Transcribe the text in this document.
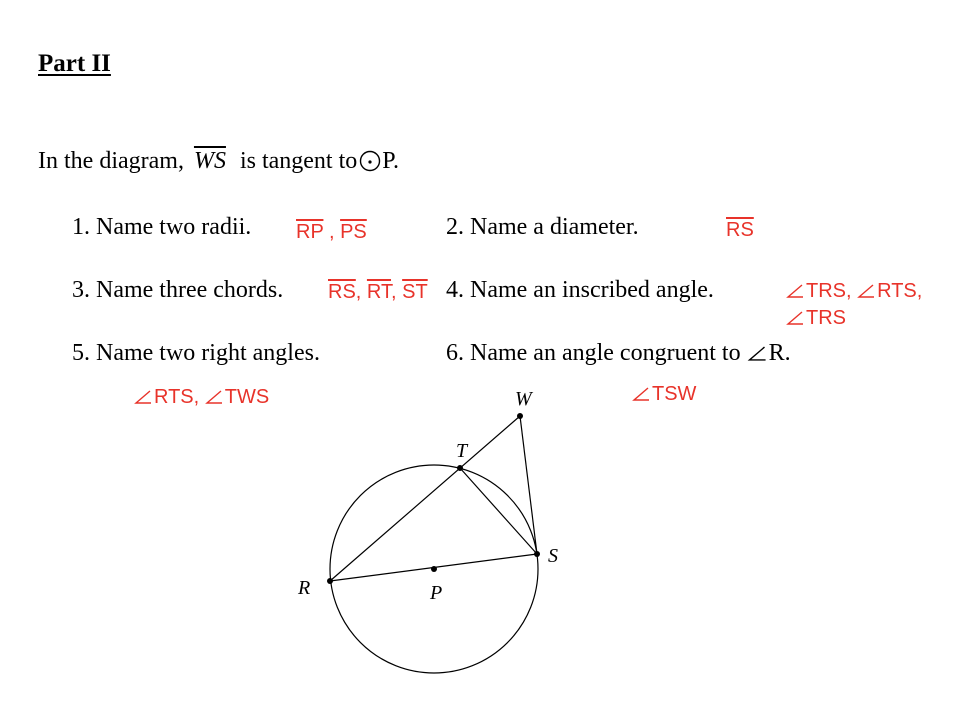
Part II
In the diagram, $\overline{WS}$ is tangent to P.
1. Name two radii. $\overline{RP}$ , $\overline{PS}$	2. Name a diameter.	$\overline{RS}$
3. Name three chords. $\overline{RS}$, $\overline{RT}$, $\overline{ST}$ 4. Name an inscribed angle.	TRS, RTS,
TRS
5. Name two right angles.
RTS, TWS
6. Name an angle congruent to R.
TSW
W
T
S
R	P
